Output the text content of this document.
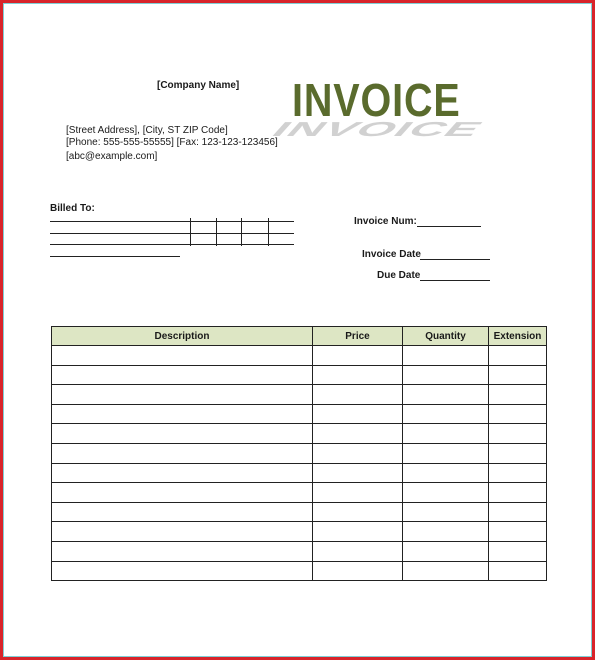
[Company Name]
INVOICE
INVOICE
[Street Address], [City, ST ZIP Code]
[Phone: 555-555-55555] [Fax: 123-123-123456]
[abc@example.com]
Billed To:
Invoice Num:
Invoice Date
Due Date
Description	Price	Quantity	Extension
